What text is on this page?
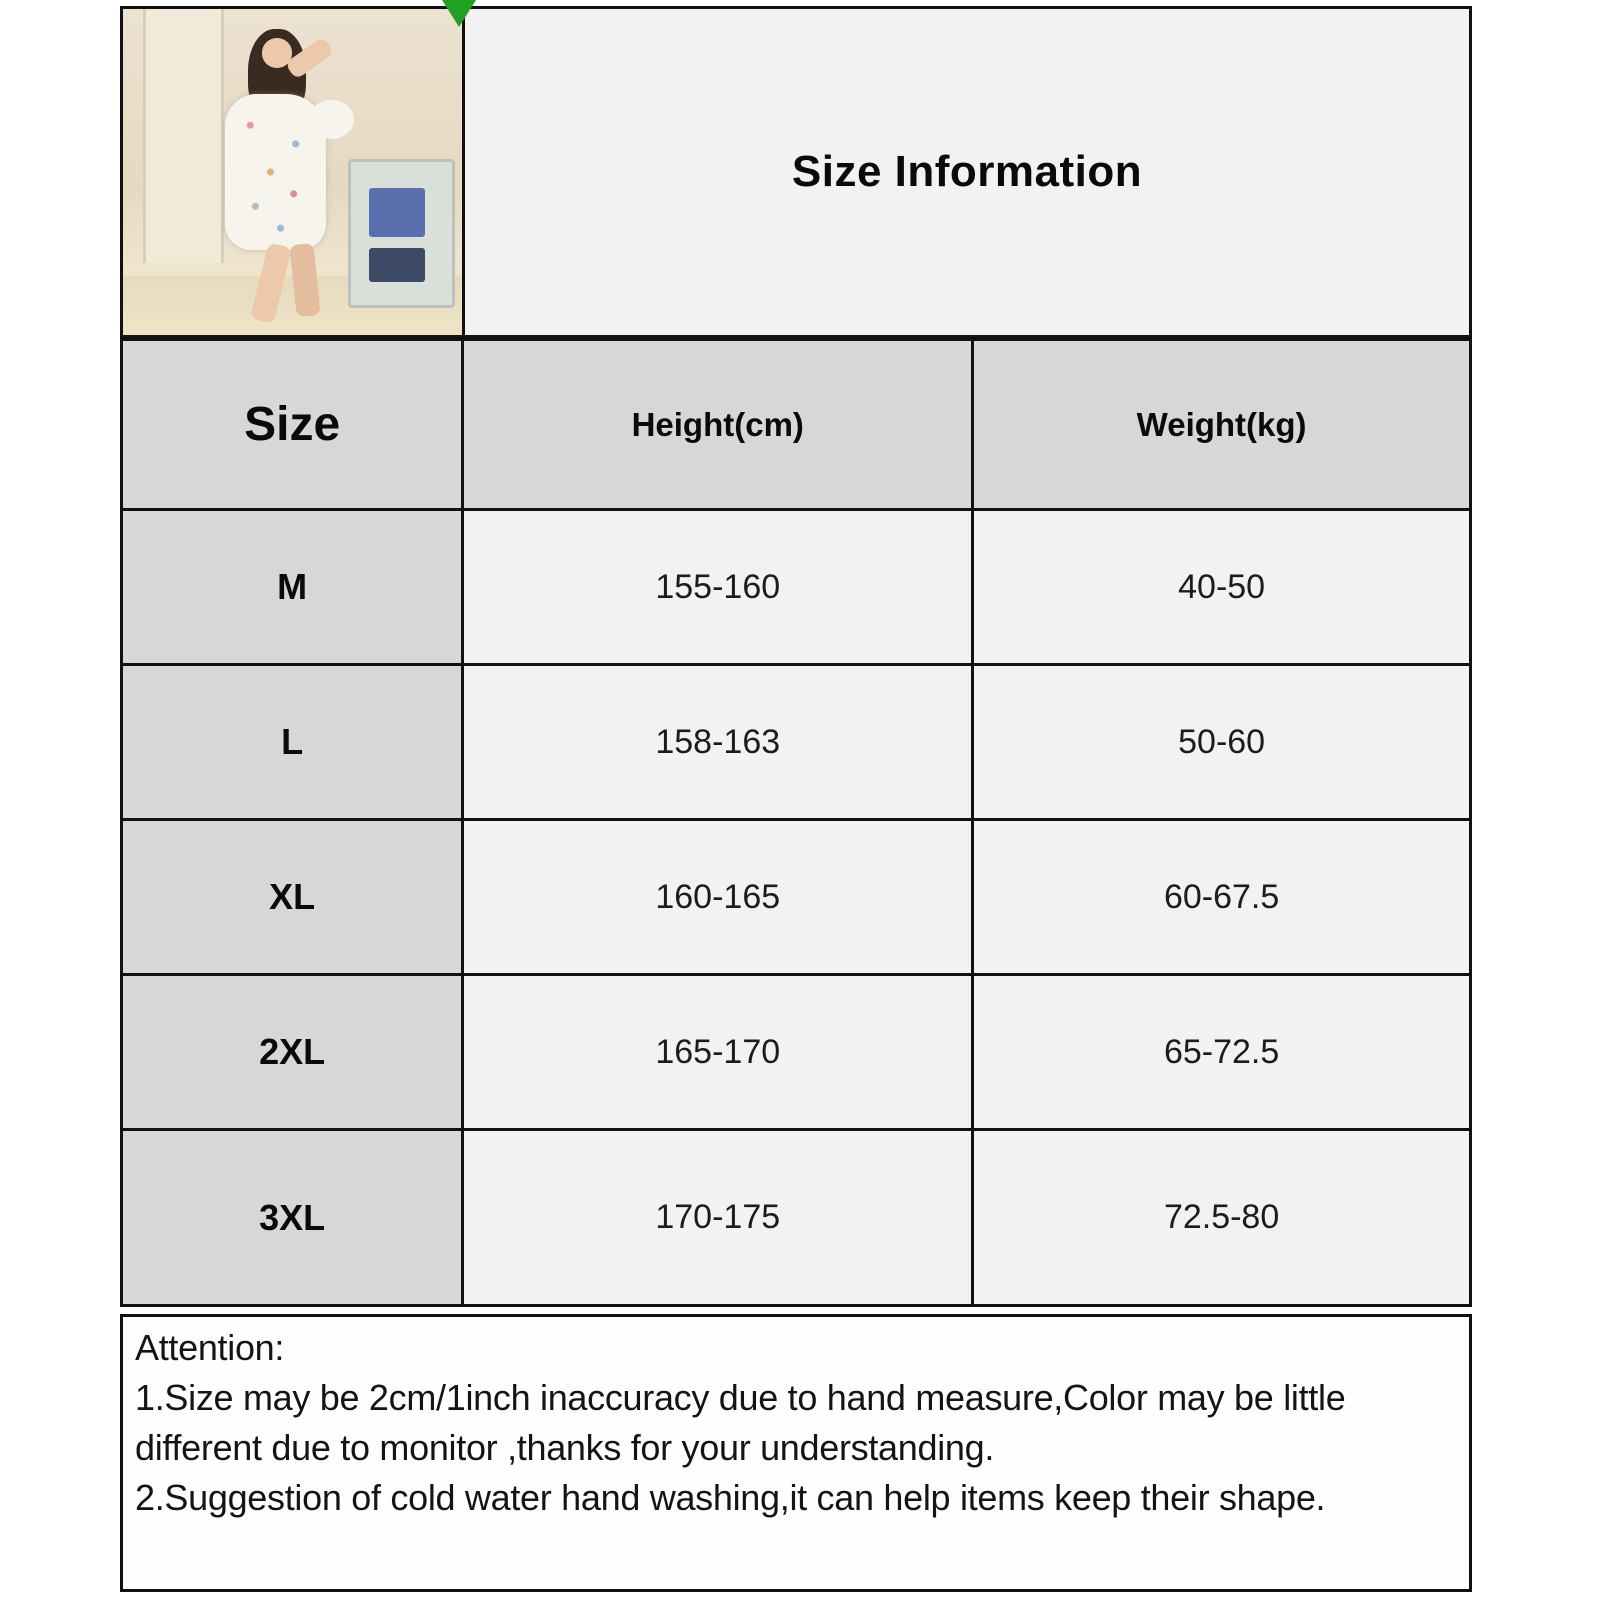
Size Information
Size	Height(cm)	Weight(kg)
M	155-160	40-50
L	158-163	50-60
XL	160-165	60-67.5
2XL	165-170	65-72.5
3XL	170-175	72.5-80

Attention:

1.Size may be 2cm/1inch inaccuracy due to hand measure,Color may be little different due to monitor ,thanks for your understanding.

2.Suggestion of cold water hand washing,it can help items keep their shape.
